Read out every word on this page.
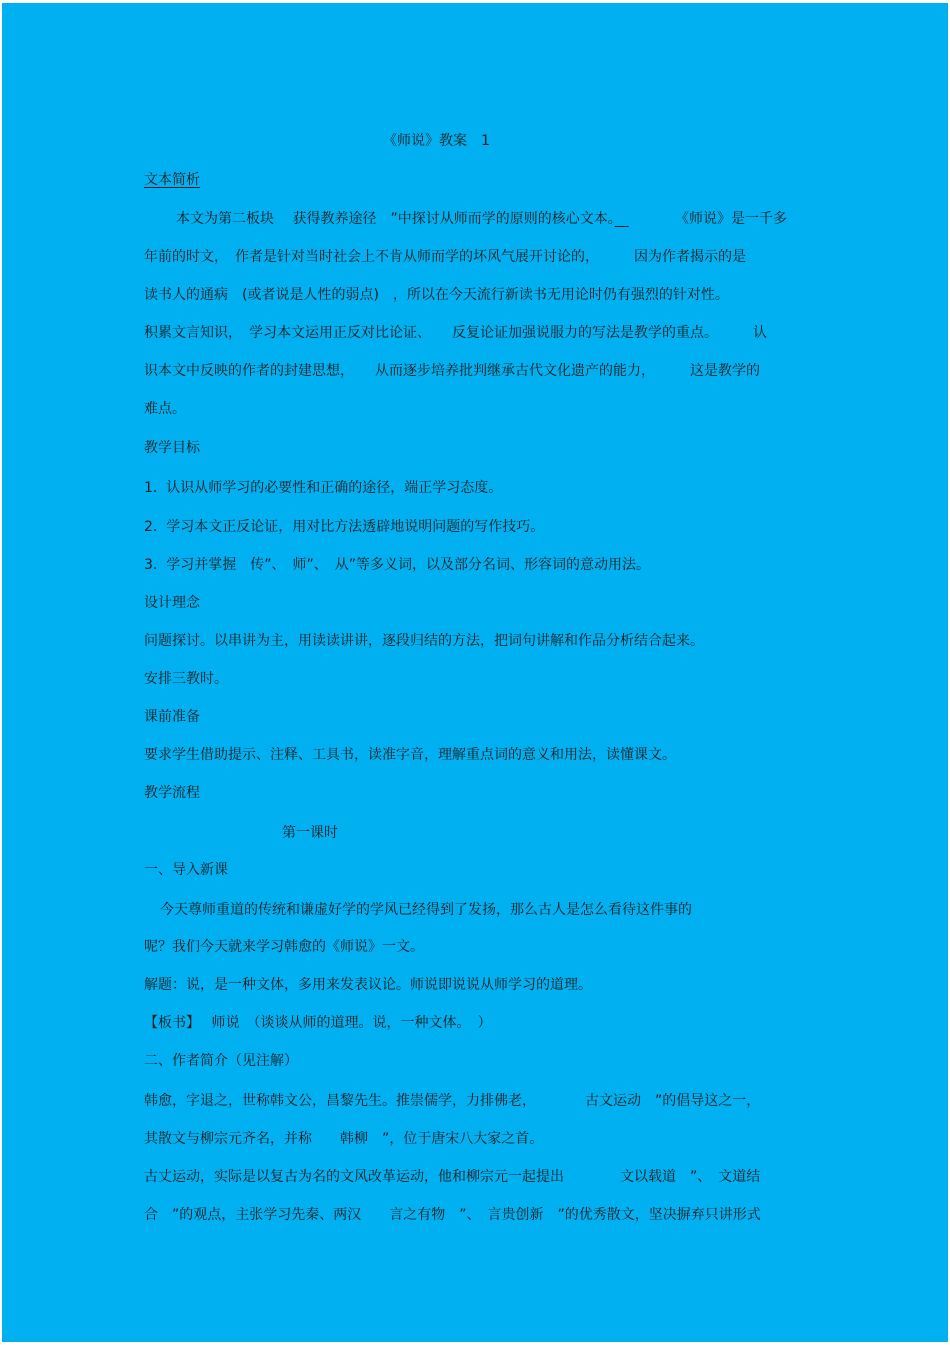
《师说》教案　1

文本简析

本文为第二板块　 获得教养途径　”中探讨从师而学的原则的核心文本。　	《师说》是一千多

年前的时文，　作者是针对当时社会上不肯从师而学的坏风气展开讨论的，　　　因为作者揭示的是

读书人的通病　(或者说是人性的弱点)　，所以在今天流行新读书无用论时仍有强烈的针对性。

积累文言知识，　学习本文运用正反对比论证、　　反复论证加强说服力的写法是教学的重点。　　　认

识本文中反映的作者的封建思想，　　从而逐步培养批判继承古代文化遗产的能力，　　　这是教学的

难点。

教学目标

1.  认识从师学习的必要性和正确的途径，端正学习态度。

2.  学习本文正反论证，用对比方法透辟地说明问题的写作技巧。

3.  学习并掌握　传”、　师”、　从”等多义词，以及部分名词、形容词的意动用法。

设计理念

问题探讨。以串讲为主，用读读讲讲，逐段归结的方法，把词句讲解和作品分析结合起来。

安排三教时。

课前准备

要求学生借助提示、注释、工具书，读准字音，理解重点词的意义和用法，读懂课文。

教学流程

第一课时

一、导入新课

今天尊师重道的传统和谦虚好学的学风已经得到了发扬，那么古人是怎么看待这件事的

呢？我们今天就来学习韩愈的《师说》一文。

解题：说，是一种文体，多用来发表议论。师说即说说从师学习的道理。

【板书】　 师说　（谈谈从师的道理。说，一种文体。　）

二、作者简介（见注解）

韩愈，字退之，世称韩文公，昌黎先生。推崇儒学，力排佛老，　　　　古文运动　”的倡导这之一，

其散文与柳宗元齐名，并称　　韩柳　”，位于唐宋八大家之首。

古丈运动，实际是以复古为名的文风改革运动，他和柳宗元一起提出　　　　文以载道　”、　文道结

合　”的观点，主张学习先秦、两汉　　言之有物　”、　言贵创新　”的优秀散文，坚决摒弃只讲形式
